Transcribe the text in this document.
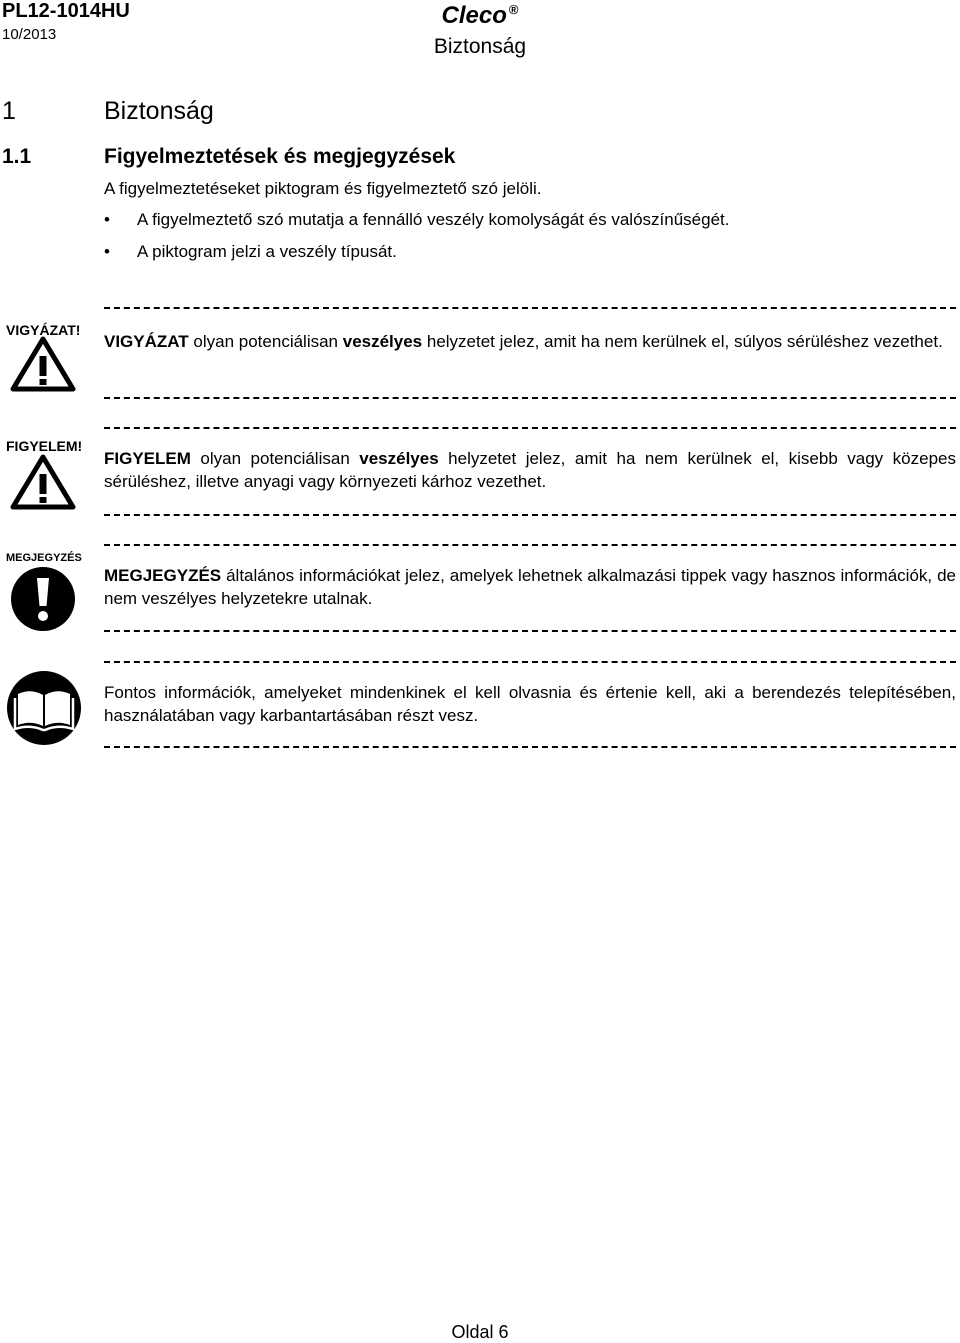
PL12-1014HU
10/2013
Cleco ®
Biztonság
1	Biztonság
1.1	Figyelmeztetések és megjegyzések
A figyelmeztetéseket piktogram és figyelmeztető szó jelöli.
• A figyelmeztető szó mutatja a fennálló veszély komolyságát és valószínűségét.
• A piktogram jelzi a veszély típusát.
VIGYÁZAT!
VIGYÁZAT olyan potenciálisan veszélyes helyzetet jelez, amit ha nem kerülnek el, súlyos sérüléshez vezethet.
FIGYELEM!
FIGYELEM olyan potenciálisan veszélyes helyzetet jelez, amit ha nem kerülnek el, kisebb vagy közepes sérüléshez, illetve anyagi vagy környezeti kárhoz vezethet.
MEGJEGYZÉS
MEGJEGYZÉS általános információkat jelez, amelyek lehetnek alkalmazási tippek vagy hasznos információk, de nem veszélyes helyzetekre utalnak.
Fontos információk, amelyeket mindenkinek el kell olvasnia és értenie kell, aki a berendezés telepítésében, használatában vagy karbantartásában részt vesz.
Oldal 6
